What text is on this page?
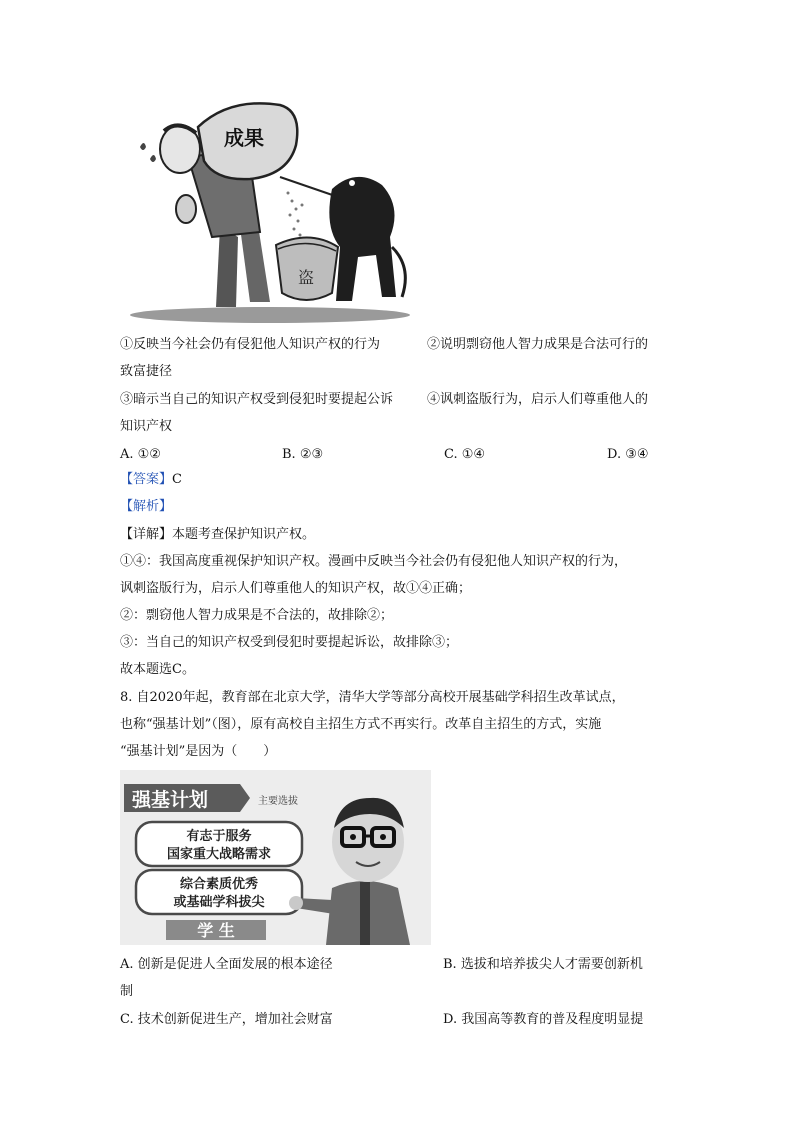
成果
盗
①反映当今社会仍有侵犯他人知识产权的行为	②说明剽窃他人智力成果是合法可行的
致富捷径
③暗示当自己的知识产权受到侵犯时要提起公诉	④讽刺盗版行为，启示人们尊重他人的
知识产权
A. ①②	B. ②③	C. ①④	D. ③④
【答案】C
【解析】
【详解】本题考查保护知识产权。
①④：我国高度重视保护知识产权。漫画中反映当今社会仍有侵犯他人知识产权的行为，
讽刺盗版行为，启示人们尊重他人的知识产权，故①④正确；
②：剽窃他人智力成果是不合法的，故排除②；
③：当自己的知识产权受到侵犯时要提起诉讼，故排除③；
故本题选C。
8. 自2020年起，教育部在北京大学，清华大学等部分高校开展基础学科招生改革试点，
也称“强基计划”（图），原有高校自主招生方式不再实行。改革自主招生的方式，实施
“强基计划”是因为（　　）
强基计划	主要选拔
有志于服务
国家重大战略需求
综合素质优秀
或基础学科拔尖
学 生
A. 创新是促进人全面发展的根本途径	B. 选拔和培养拔尖人才需要创新机
制
C. 技术创新促进生产，增加社会财富	D. 我国高等教育的普及程度明显提
